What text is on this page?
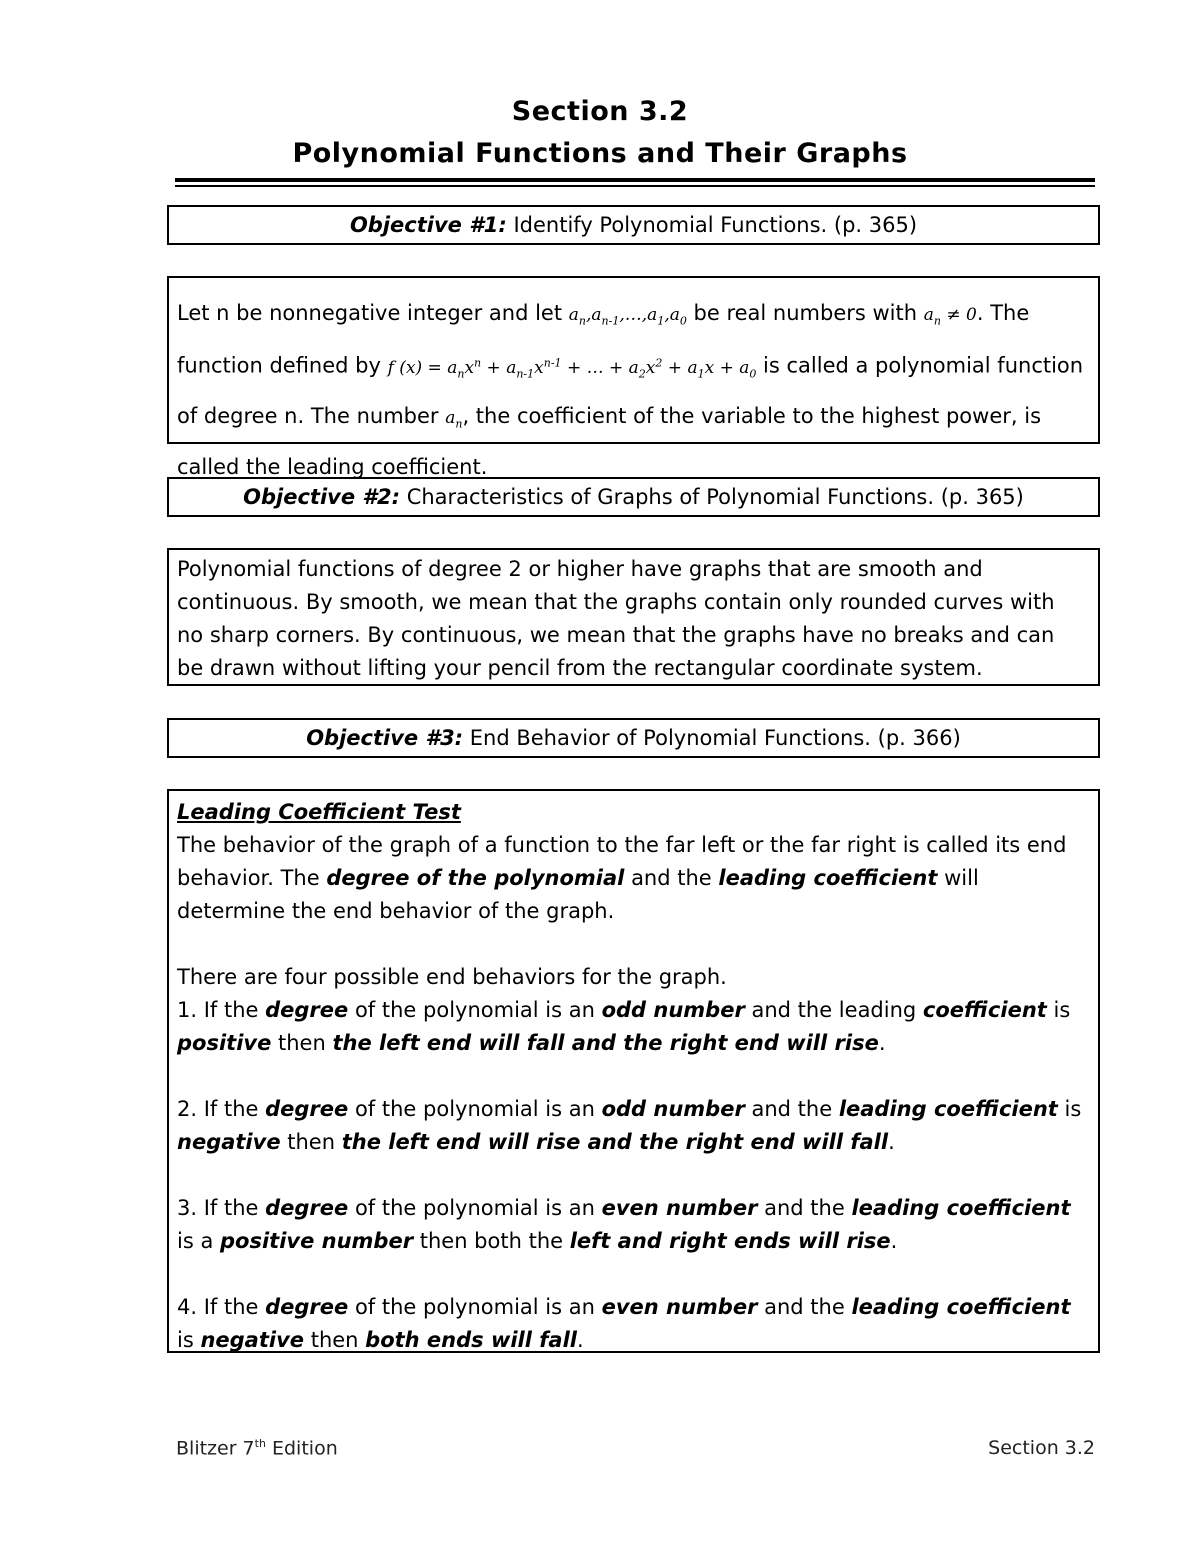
Section 3.2
Polynomial Functions and Their Graphs
Objective #1: Identify Polynomial Functions. (p. 365)
Let n be nonnegative integer and let $a_n,a_{n-1},\dots,a_1,a_0$ be real numbers with $a_n \ne 0$. The function defined by f $(x) = a_nx^n + a_{n-1}x^{n-1}$ + … + $a_2x^2 + a_1x + a_0$ is called a polynomial function of degree n. The number $a_n$, the coefficient of the variable to the highest power, is called the leading coefficient.
Objective #2: Characteristics of Graphs of Polynomial Functions. (p. 365)
Polynomial functions of degree 2 or higher have graphs that are smooth and
continuous. By smooth, we mean that the graphs contain only rounded curves with
no sharp corners. By continuous, we mean that the graphs have no breaks and can
be drawn without lifting your pencil from the rectangular coordinate system.
Objective #3: End Behavior of Polynomial Functions. (p. 366)
Leading Coefficient Test
The behavior of the graph of a function to the far left or the far right is called its end behavior. The degree of the polynomial and the leading coefficient will determine the end behavior of the graph.
There are four possible end behaviors for the graph.
1. If the degree of the polynomial is an odd number and the leading coefficient is positive then the left end will fall and the right end will rise.
2. If the degree of the polynomial is an odd number and the leading coefficient is negative then the left end will rise and the right end will fall.
3. If the degree of the polynomial is an even number and the leading coefficient is a positive number then both the left and right ends will rise.
4. If the degree of the polynomial is an even number and the leading coefficient is negative then both ends will fall.
Blitzer 7th Edition	Section 3.2
